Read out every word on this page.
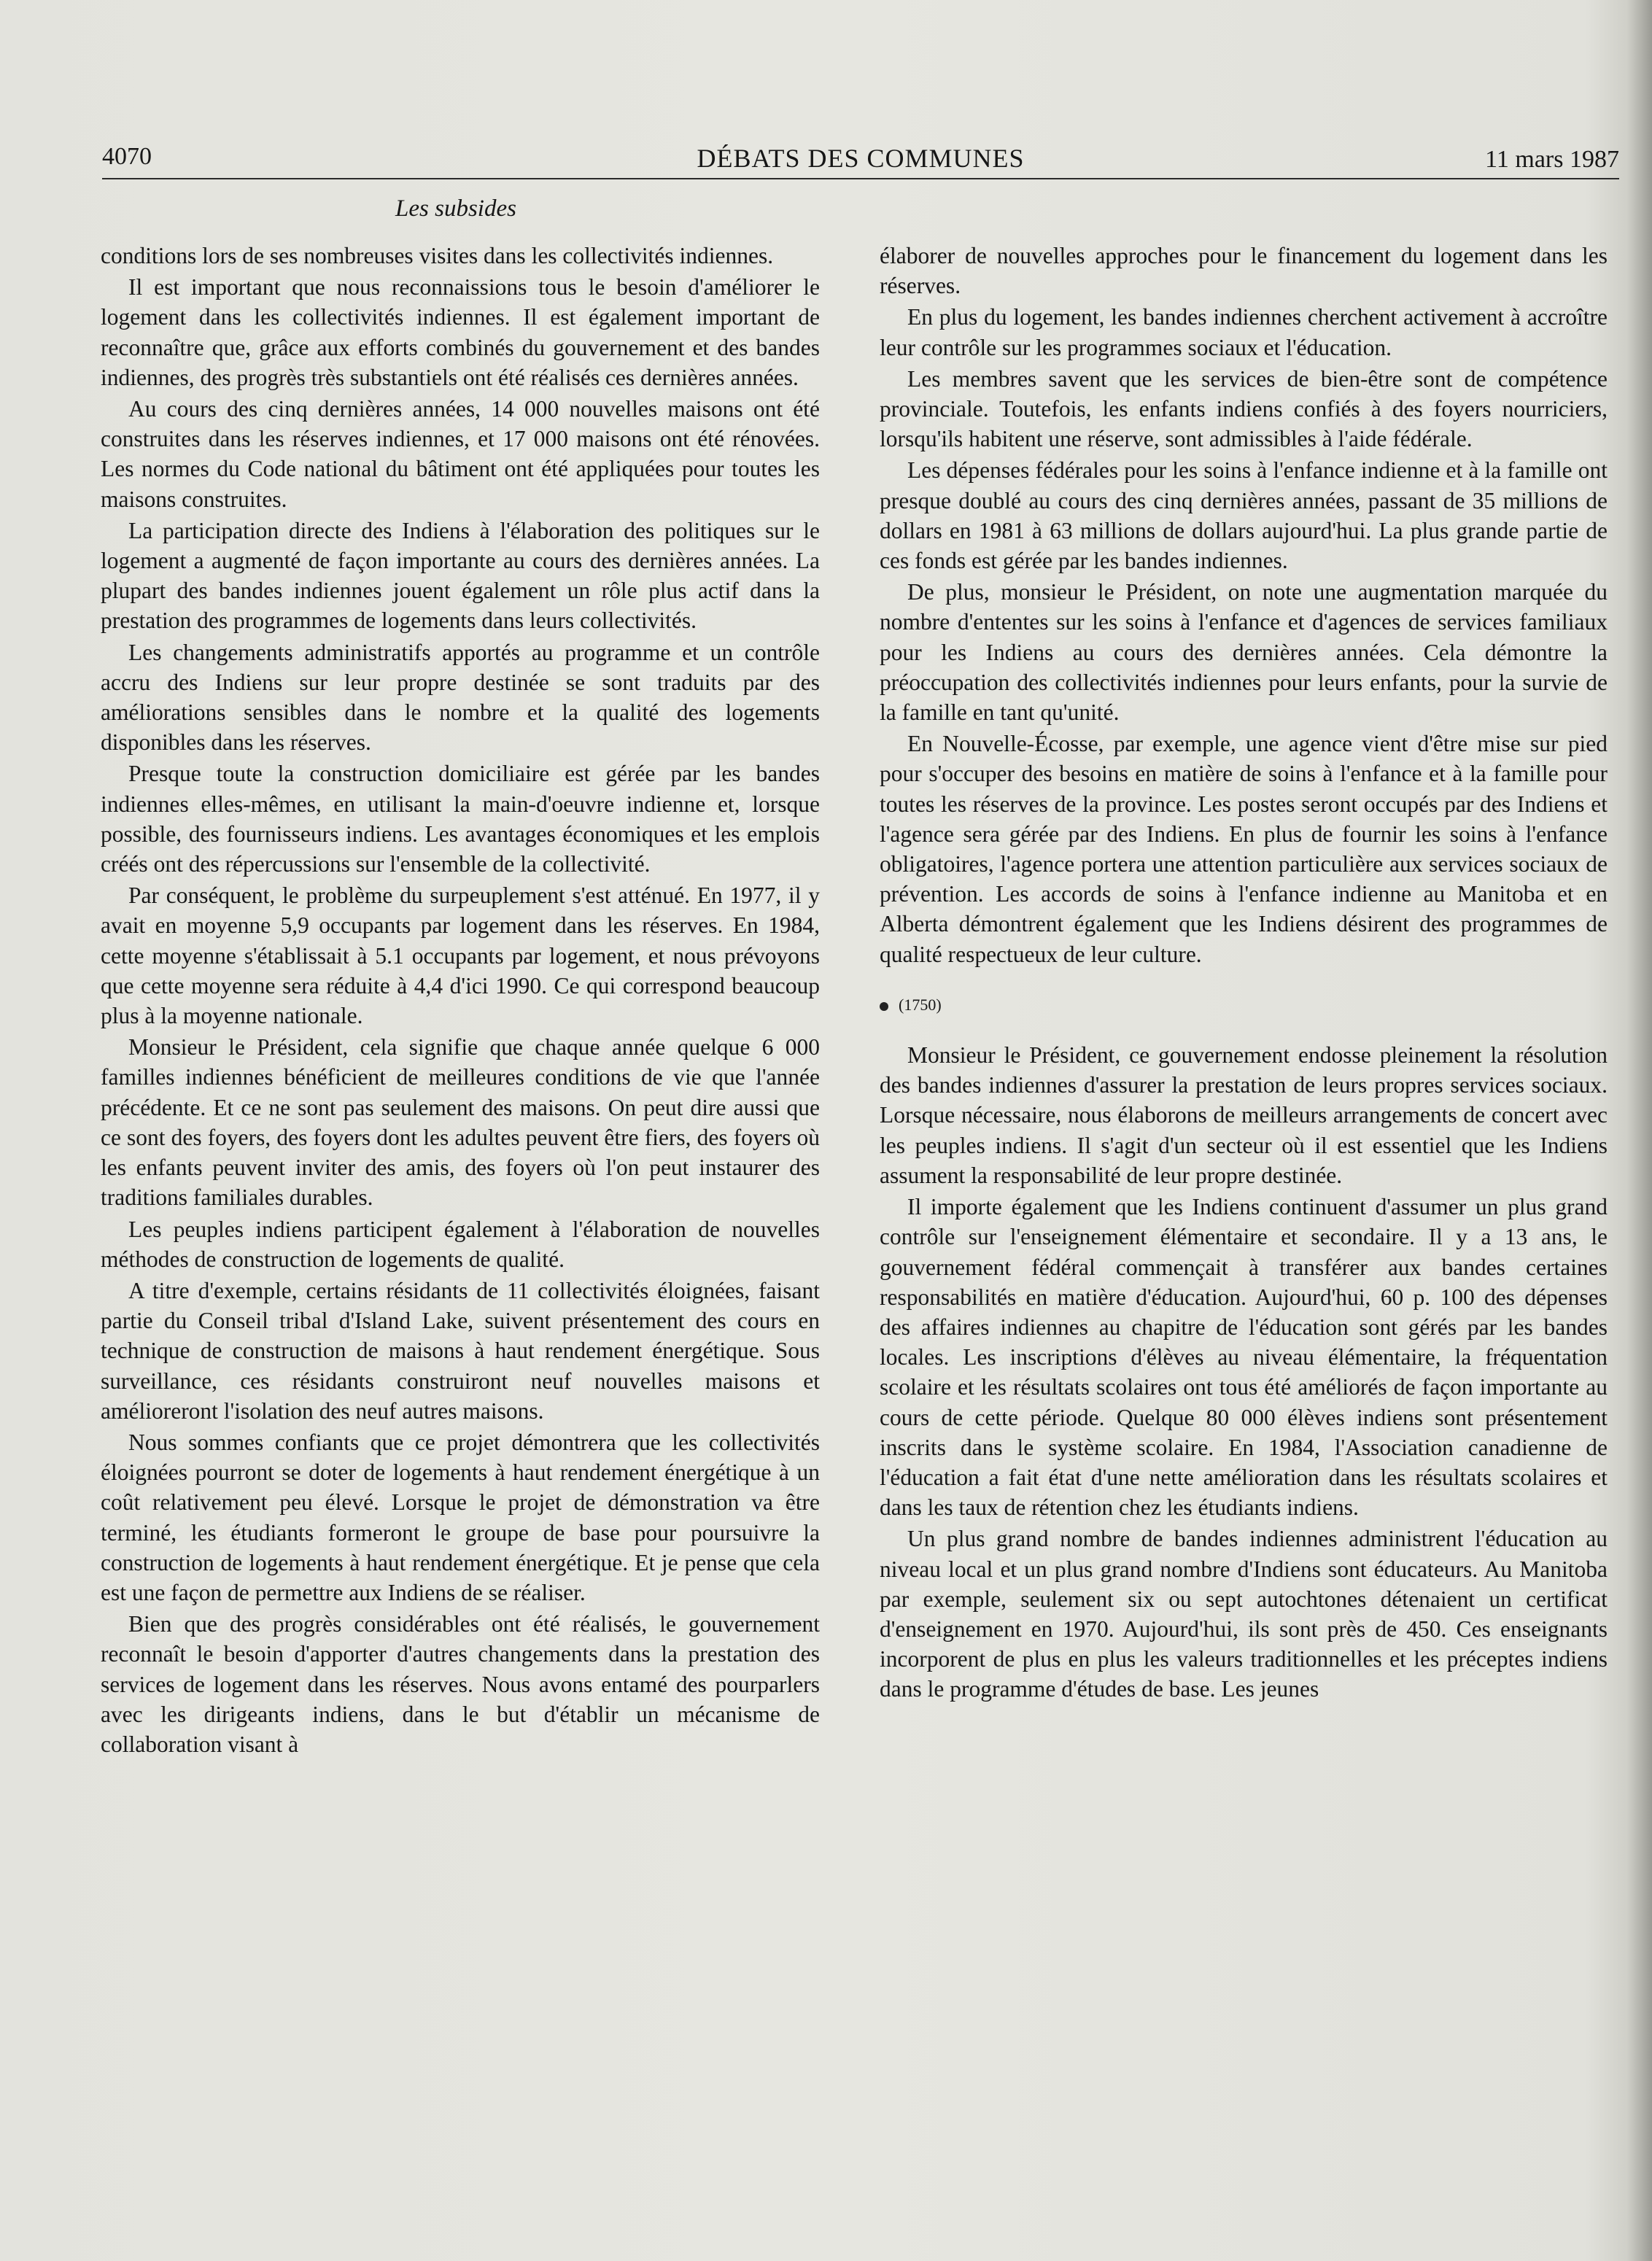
4070	DÉBATS DES COMMUNES	11 mars 1987
Les subsides

conditions lors de ses nombreuses visites dans les collectivités indiennes.

Il est important que nous reconnaissions tous le besoin d'améliorer le logement dans les collectivités indiennes. Il est également important de reconnaître que, grâce aux efforts combinés du gouvernement et des bandes indiennes, des progrès très substantiels ont été réalisés ces dernières années.

Au cours des cinq dernières années, 14 000 nouvelles maisons ont été construites dans les réserves indiennes, et 17 000 maisons ont été rénovées. Les normes du Code national du bâtiment ont été appliquées pour toutes les maisons construites.

La participation directe des Indiens à l'élaboration des politiques sur le logement a augmenté de façon importante au cours des dernières années. La plupart des bandes indiennes jouent également un rôle plus actif dans la prestation des programmes de logements dans leurs collectivités.

Les changements administratifs apportés au programme et un contrôle accru des Indiens sur leur propre destinée se sont traduits par des améliorations sensibles dans le nombre et la qualité des logements disponibles dans les réserves.

Presque toute la construction domiciliaire est gérée par les bandes indiennes elles-mêmes, en utilisant la main-d'oeuvre indienne et, lorsque possible, des fournisseurs indiens. Les avantages économiques et les emplois créés ont des répercussions sur l'ensemble de la collectivité.

Par conséquent, le problème du surpeuplement s'est atténué. En 1977, il y avait en moyenne 5,9 occupants par logement dans les réserves. En 1984, cette moyenne s'établissait à 5.1 occupants par logement, et nous prévoyons que cette moyenne sera réduite à 4,4 d'ici 1990. Ce qui correspond beaucoup plus à la moyenne nationale.

Monsieur le Président, cela signifie que chaque année quelque 6 000 familles indiennes bénéficient de meilleures conditions de vie que l'année précédente. Et ce ne sont pas seulement des maisons. On peut dire aussi que ce sont des foyers, des foyers dont les adultes peuvent être fiers, des foyers où les enfants peuvent inviter des amis, des foyers où l'on peut instaurer des traditions familiales durables.

Les peuples indiens participent également à l'élaboration de nouvelles méthodes de construction de logements de qualité.

A titre d'exemple, certains résidants de 11 collectivités éloignées, faisant partie du Conseil tribal d'Island Lake, suivent présentement des cours en technique de construction de maisons à haut rendement énergétique. Sous surveillance, ces résidants construiront neuf nouvelles maisons et amélioreront l'isolation des neuf autres maisons.

Nous sommes confiants que ce projet démontrera que les collectivités éloignées pourront se doter de logements à haut rendement énergétique à un coût relativement peu élevé. Lorsque le projet de démonstration va être terminé, les étudiants formeront le groupe de base pour poursuivre la construction de logements à haut rendement énergétique. Et je pense que cela est une façon de permettre aux Indiens de se réaliser.

Bien que des progrès considérables ont été réalisés, le gouvernement reconnaît le besoin d'apporter d'autres changements dans la prestation des services de logement dans les réserves. Nous avons entamé des pourparlers avec les dirigeants indiens, dans le but d'établir un mécanisme de collaboration visant à

élaborer de nouvelles approches pour le financement du logement dans les réserves.

En plus du logement, les bandes indiennes cherchent activement à accroître leur contrôle sur les programmes sociaux et l'éducation.

Les membres savent que les services de bien-être sont de compétence provinciale. Toutefois, les enfants indiens confiés à des foyers nourriciers, lorsqu'ils habitent une réserve, sont admissibles à l'aide fédérale.

Les dépenses fédérales pour les soins à l'enfance indienne et à la famille ont presque doublé au cours des cinq dernières années, passant de 35 millions de dollars en 1981 à 63 millions de dollars aujourd'hui. La plus grande partie de ces fonds est gérée par les bandes indiennes.

De plus, monsieur le Président, on note une augmentation marquée du nombre d'ententes sur les soins à l'enfance et d'agences de services familiaux pour les Indiens au cours des dernières années. Cela démontre la préoccupation des collectivités indiennes pour leurs enfants, pour la survie de la famille en tant qu'unité.

En Nouvelle-Écosse, par exemple, une agence vient d'être mise sur pied pour s'occuper des besoins en matière de soins à l'enfance et à la famille pour toutes les réserves de la province. Les postes seront occupés par des Indiens et l'agence sera gérée par des Indiens. En plus de fournir les soins à l'enfance obligatoires, l'agence portera une attention particulière aux services sociaux de prévention. Les accords de soins à l'enfance indienne au Manitoba et en Alberta démontrent également que les Indiens désirent des programmes de qualité respectueux de leur culture.

(1750)

Monsieur le Président, ce gouvernement endosse pleinement la résolution des bandes indiennes d'assurer la prestation de leurs propres services sociaux. Lorsque nécessaire, nous élaborons de meilleurs arrangements de concert avec les peuples indiens. Il s'agit d'un secteur où il est essentiel que les Indiens assument la responsabilité de leur propre destinée.

Il importe également que les Indiens continuent d'assumer un plus grand contrôle sur l'enseignement élémentaire et secondaire. Il y a 13 ans, le gouvernement fédéral commençait à transférer aux bandes certaines responsabilités en matière d'éducation. Aujourd'hui, 60 p. 100 des dépenses des affaires indiennes au chapitre de l'éducation sont gérés par les bandes locales. Les inscriptions d'élèves au niveau élémentaire, la fréquentation scolaire et les résultats scolaires ont tous été améliorés de façon importante au cours de cette période. Quelque 80 000 élèves indiens sont présentement inscrits dans le système scolaire. En 1984, l'Association canadienne de l'éducation a fait état d'une nette amélioration dans les résultats scolaires et dans les taux de rétention chez les étudiants indiens.

Un plus grand nombre de bandes indiennes administrent l'éducation au niveau local et un plus grand nombre d'Indiens sont éducateurs. Au Manitoba par exemple, seulement six ou sept autochtones détenaient un certificat d'enseignement en 1970. Aujourd'hui, ils sont près de 450. Ces enseignants incorporent de plus en plus les valeurs traditionnelles et les préceptes indiens dans le programme d'études de base. Les jeunes
